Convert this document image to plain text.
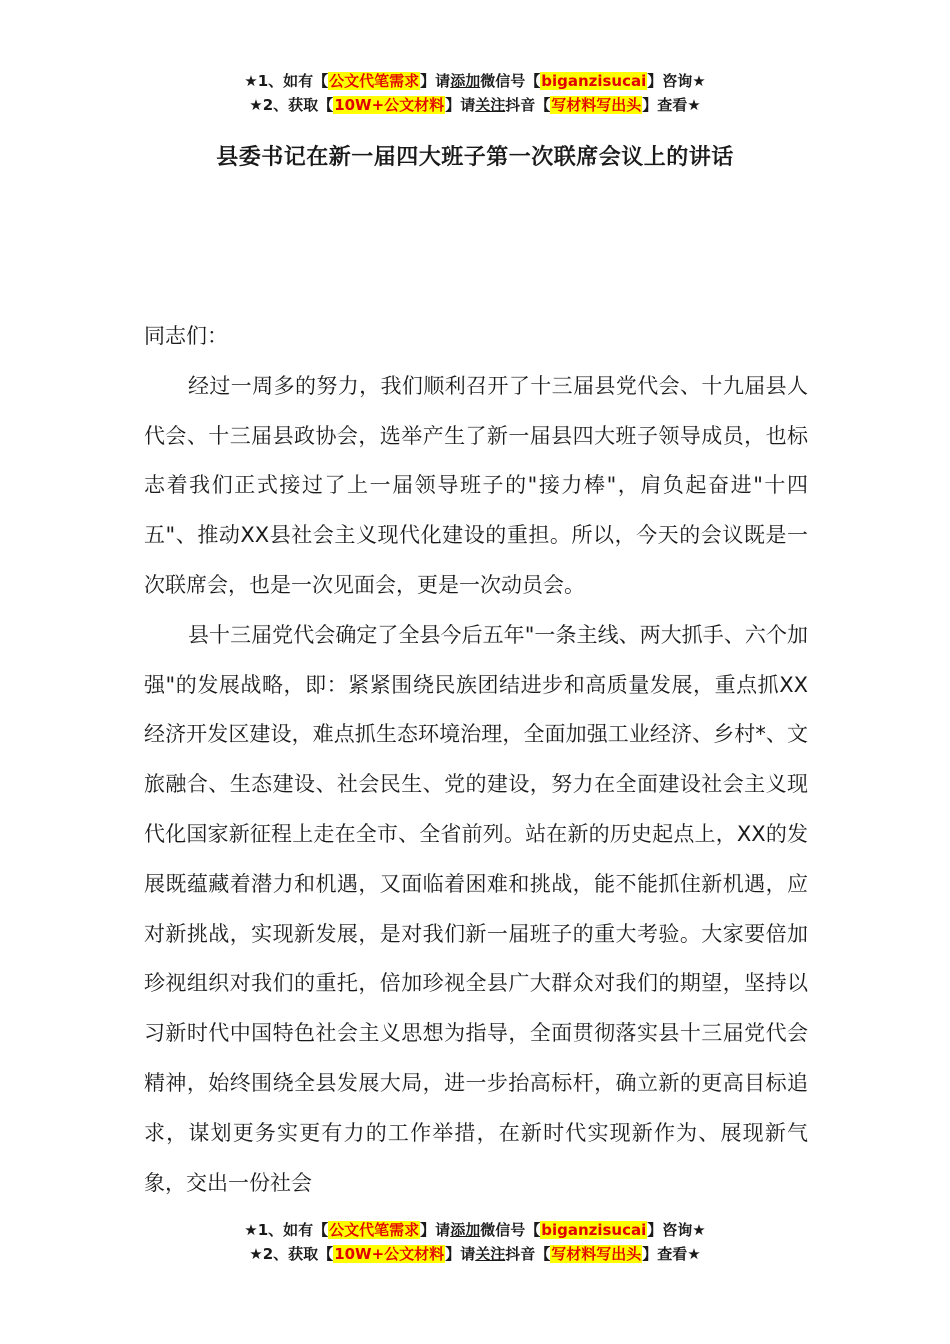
★1、如有【公文代笔需求】请添加微信号【biganzisucai】咨询★
★2、获取【10W+公文材料】请关注抖音【写材料写出头】查看★
县委书记在新一届四大班子第一次联席会议上的讲话

同志们：

经过一周多的努力，我们顺利召开了十三届县党代会、十九届县人代会、十三届县政协会，选举产生了新一届县四大班子领导成员，也标志着我们正式接过了上一届领导班子的"接力棒"，肩负起奋进"十四五"、推动XX县社会主义现代化建设的重担。所以，今天的会议既是一次联席会，也是一次见面会，更是一次动员会。

县十三届党代会确定了全县今后五年"一条主线、两大抓手、六个加强"的发展战略，即：紧紧围绕民族团结进步和高质量发展，重点抓XX经济开发区建设，难点抓生态环境治理，全面加强工业经济、乡村*、文旅融合、生态建设、社会民生、党的建设，努力在全面建设社会主义现代化国家新征程上走在全市、全省前列。站在新的历史起点上，XX的发展既蕴藏着潜力和机遇，又面临着困难和挑战，能不能抓住新机遇，应对新挑战，实现新发展，是对我们新一届班子的重大考验。大家要倍加珍视组织对我们的重托，倍加珍视全县广大群众对我们的期望，坚持以习新时代中国特色社会主义思想为指导，全面贯彻落实县十三届党代会精神，始终围绕全县发展大局，进一步抬高标杆，确立新的更高目标追求，谋划更务实更有力的工作举措，在新时代实现新作为、展现新气象，交出一份社会

★1、如有【公文代笔需求】请添加微信号【biganzisucai】咨询★
★2、获取【10W+公文材料】请关注抖音【写材料写出头】查看★
